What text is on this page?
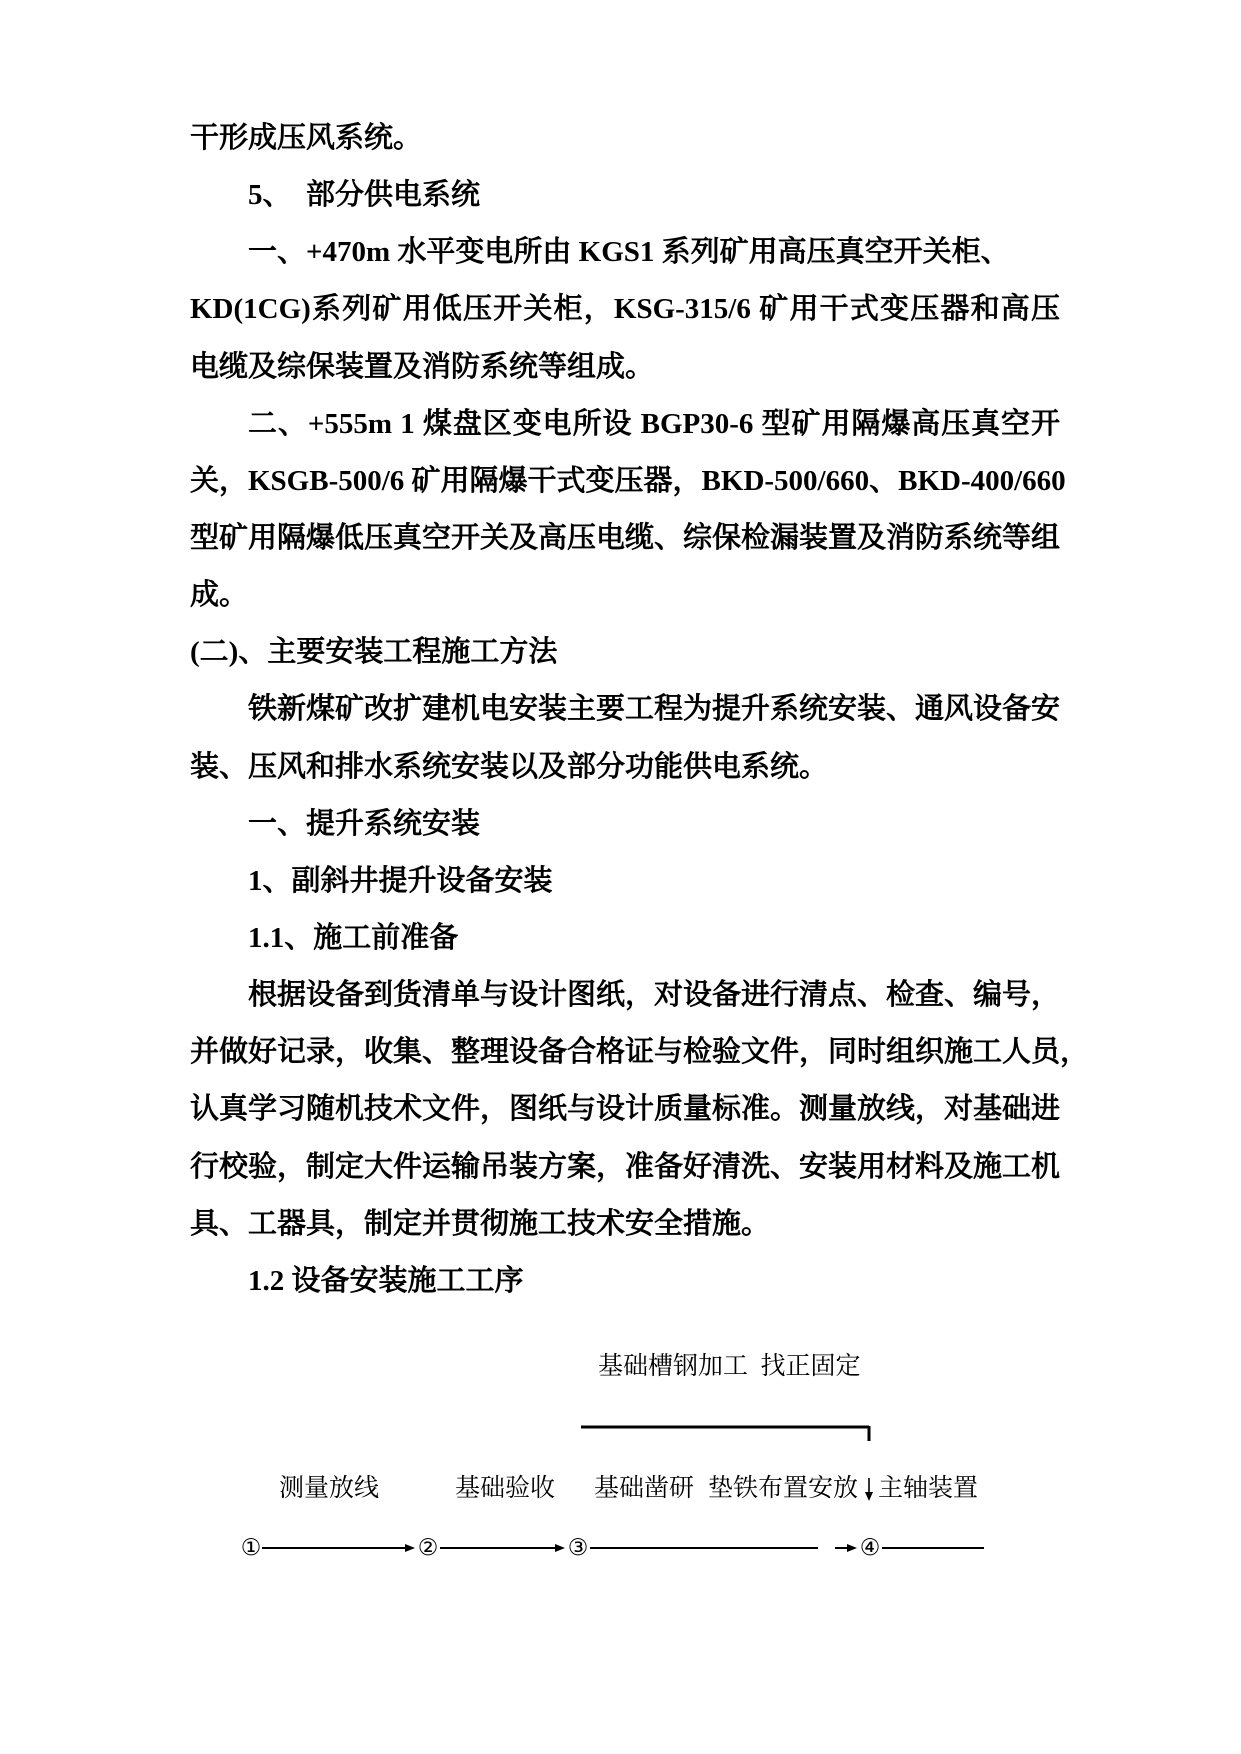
干形成压风系统。
5、  部分供电系统
一、+470m 水平变电所由 KGS1 系列矿用高压真空开关柜、
KD(1CG)系列矿用低压开关柜，KSG-315/6 矿用干式变压器和高压
电缆及综保装置及消防系统等组成。
二、+555m 1 煤盘区变电所设 BGP30-6 型矿用隔爆高压真空开
关，KSGB-500/6 矿用隔爆干式变压器，BKD-500/660、BKD-400/660
型矿用隔爆低压真空开关及高压电缆、综保检漏装置及消防系统等组
成。
(二)、主要安装工程施工方法
铁新煤矿改扩建机电安装主要工程为提升系统安装、通风设备安
装、压风和排水系统安装以及部分功能供电系统。
一、提升系统安装
1、副斜井提升设备安装
1.1、施工前准备
根据设备到货清单与设计图纸，对设备进行清点、检查、编号，
并做好记录，收集、整理设备合格证与检验文件，同时组织施工人员，
认真学习随机技术文件，图纸与设计质量标准。测量放线，对基础进
行校验，制定大件运输吊装方案，准备好清洗、安装用材料及施工机
具、工器具，制定并贯彻施工技术安全措施。
1.2 设备安装施工工序
基础槽钢加工  找正固定
测量放线	基础验收 基础凿研 垫铁布置安放 主轴装置
①	②	③	④
